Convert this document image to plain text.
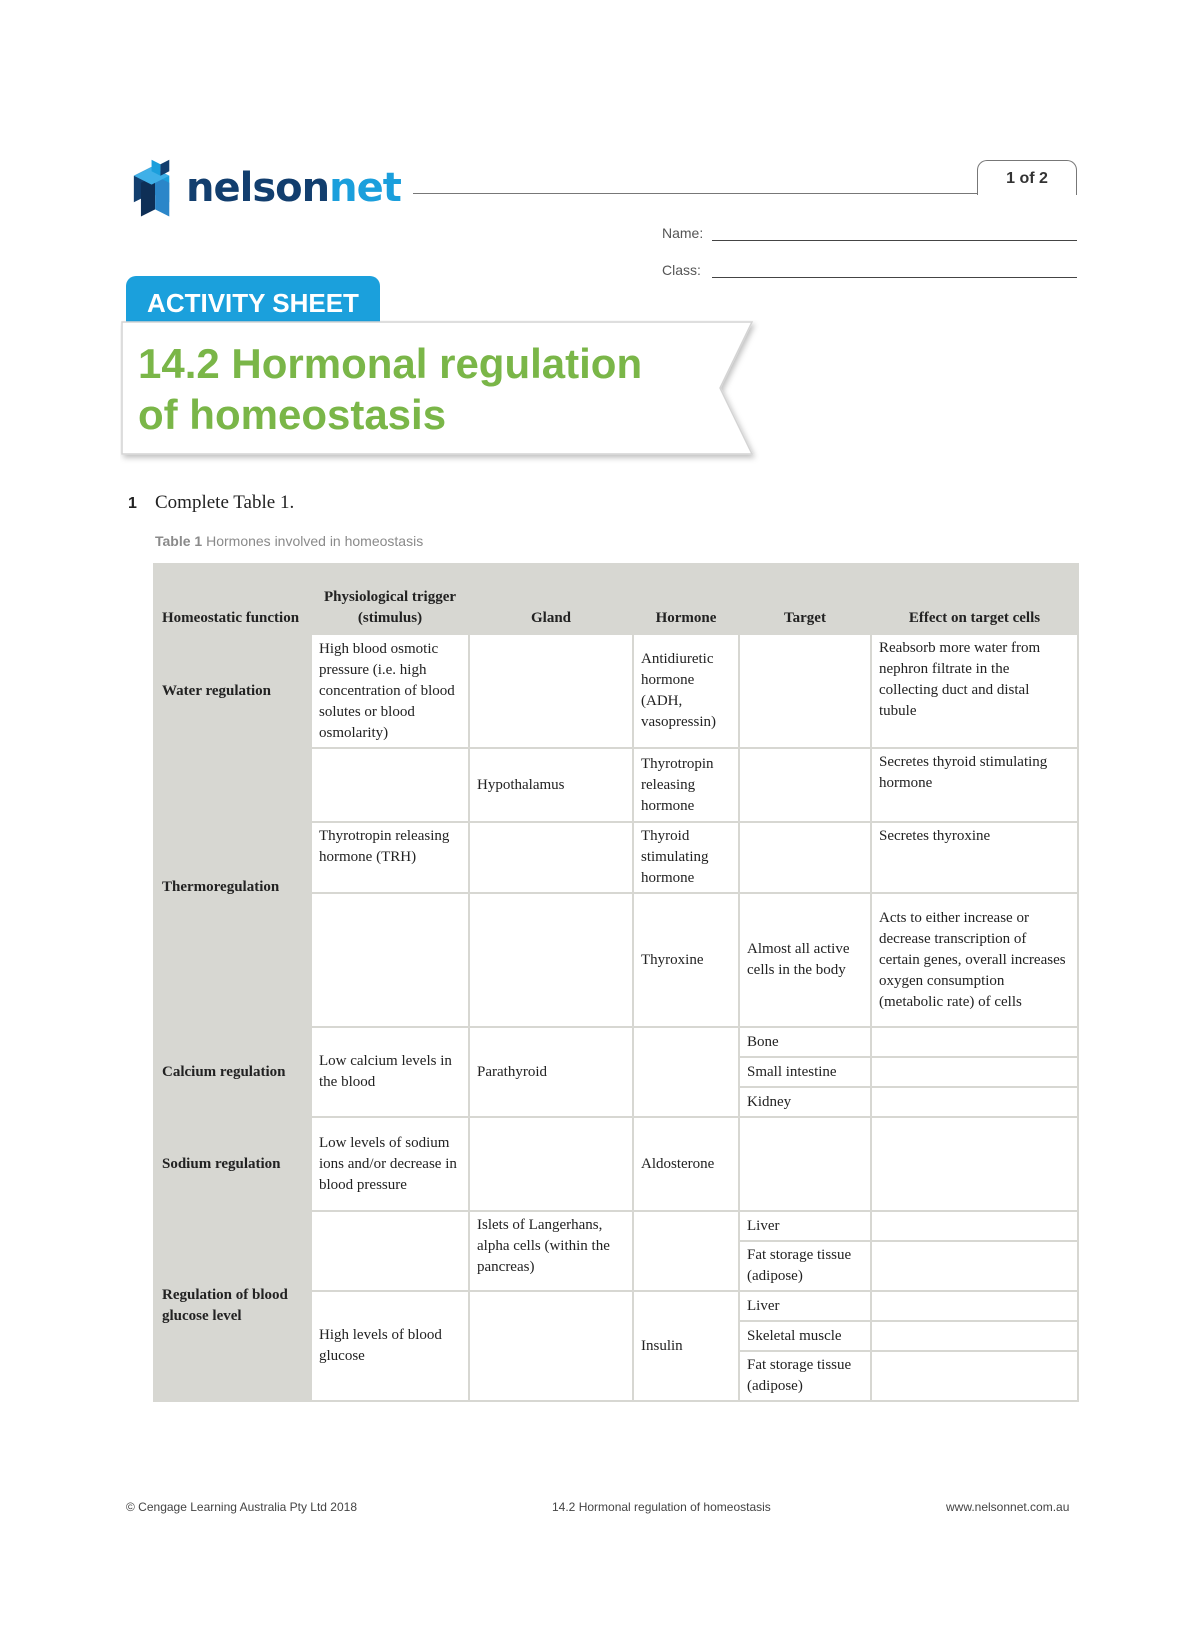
nelsonnet	1 of 2
Name:
Class:
ACTIVITY SHEET
14.2 Hormonal regulation
of homeostasis
1 Complete Table 1.
Table 1 Hormones involved in homeostasis
Homeostatic function	Physiological trigger (stimulus)	Gland	Hormone	Target	Effect on target cells
Water regulation	High blood osmotic pressure (i.e. high concentration of blood solutes or blood osmolarity)		Antidiuretic hormone (ADH, vasopressin)		Reabsorb more water from nephron filtrate in the collecting duct and distal tubule
Thermoregulation		Hypothalamus	Thyrotropin releasing hormone		Secretes thyroid stimulating hormone
	Thyrotropin releasing hormone (TRH)		Thyroid stimulating hormone		Secretes thyroxine
			Thyroxine	Almost all active cells in the body	Acts to either increase or decrease transcription of certain genes, overall increases oxygen consumption (metabolic rate) of cells
Calcium regulation	Low calcium levels in the blood	Parathyroid		Bone	
				Small intestine	
				Kidney	
Sodium regulation	Low levels of sodium ions and/or decrease in blood pressure		Aldosterone		
Regulation of blood glucose level		Islets of Langerhans, alpha cells (within the pancreas)		Liver	
				Fat storage tissue (adipose)	
	High levels of blood glucose		Insulin	Liver	
				Skeletal muscle	
				Fat storage tissue (adipose)	
© Cengage Learning Australia Pty Ltd 2018	14.2 Hormonal regulation of homeostasis	www.nelsonnet.com.au
